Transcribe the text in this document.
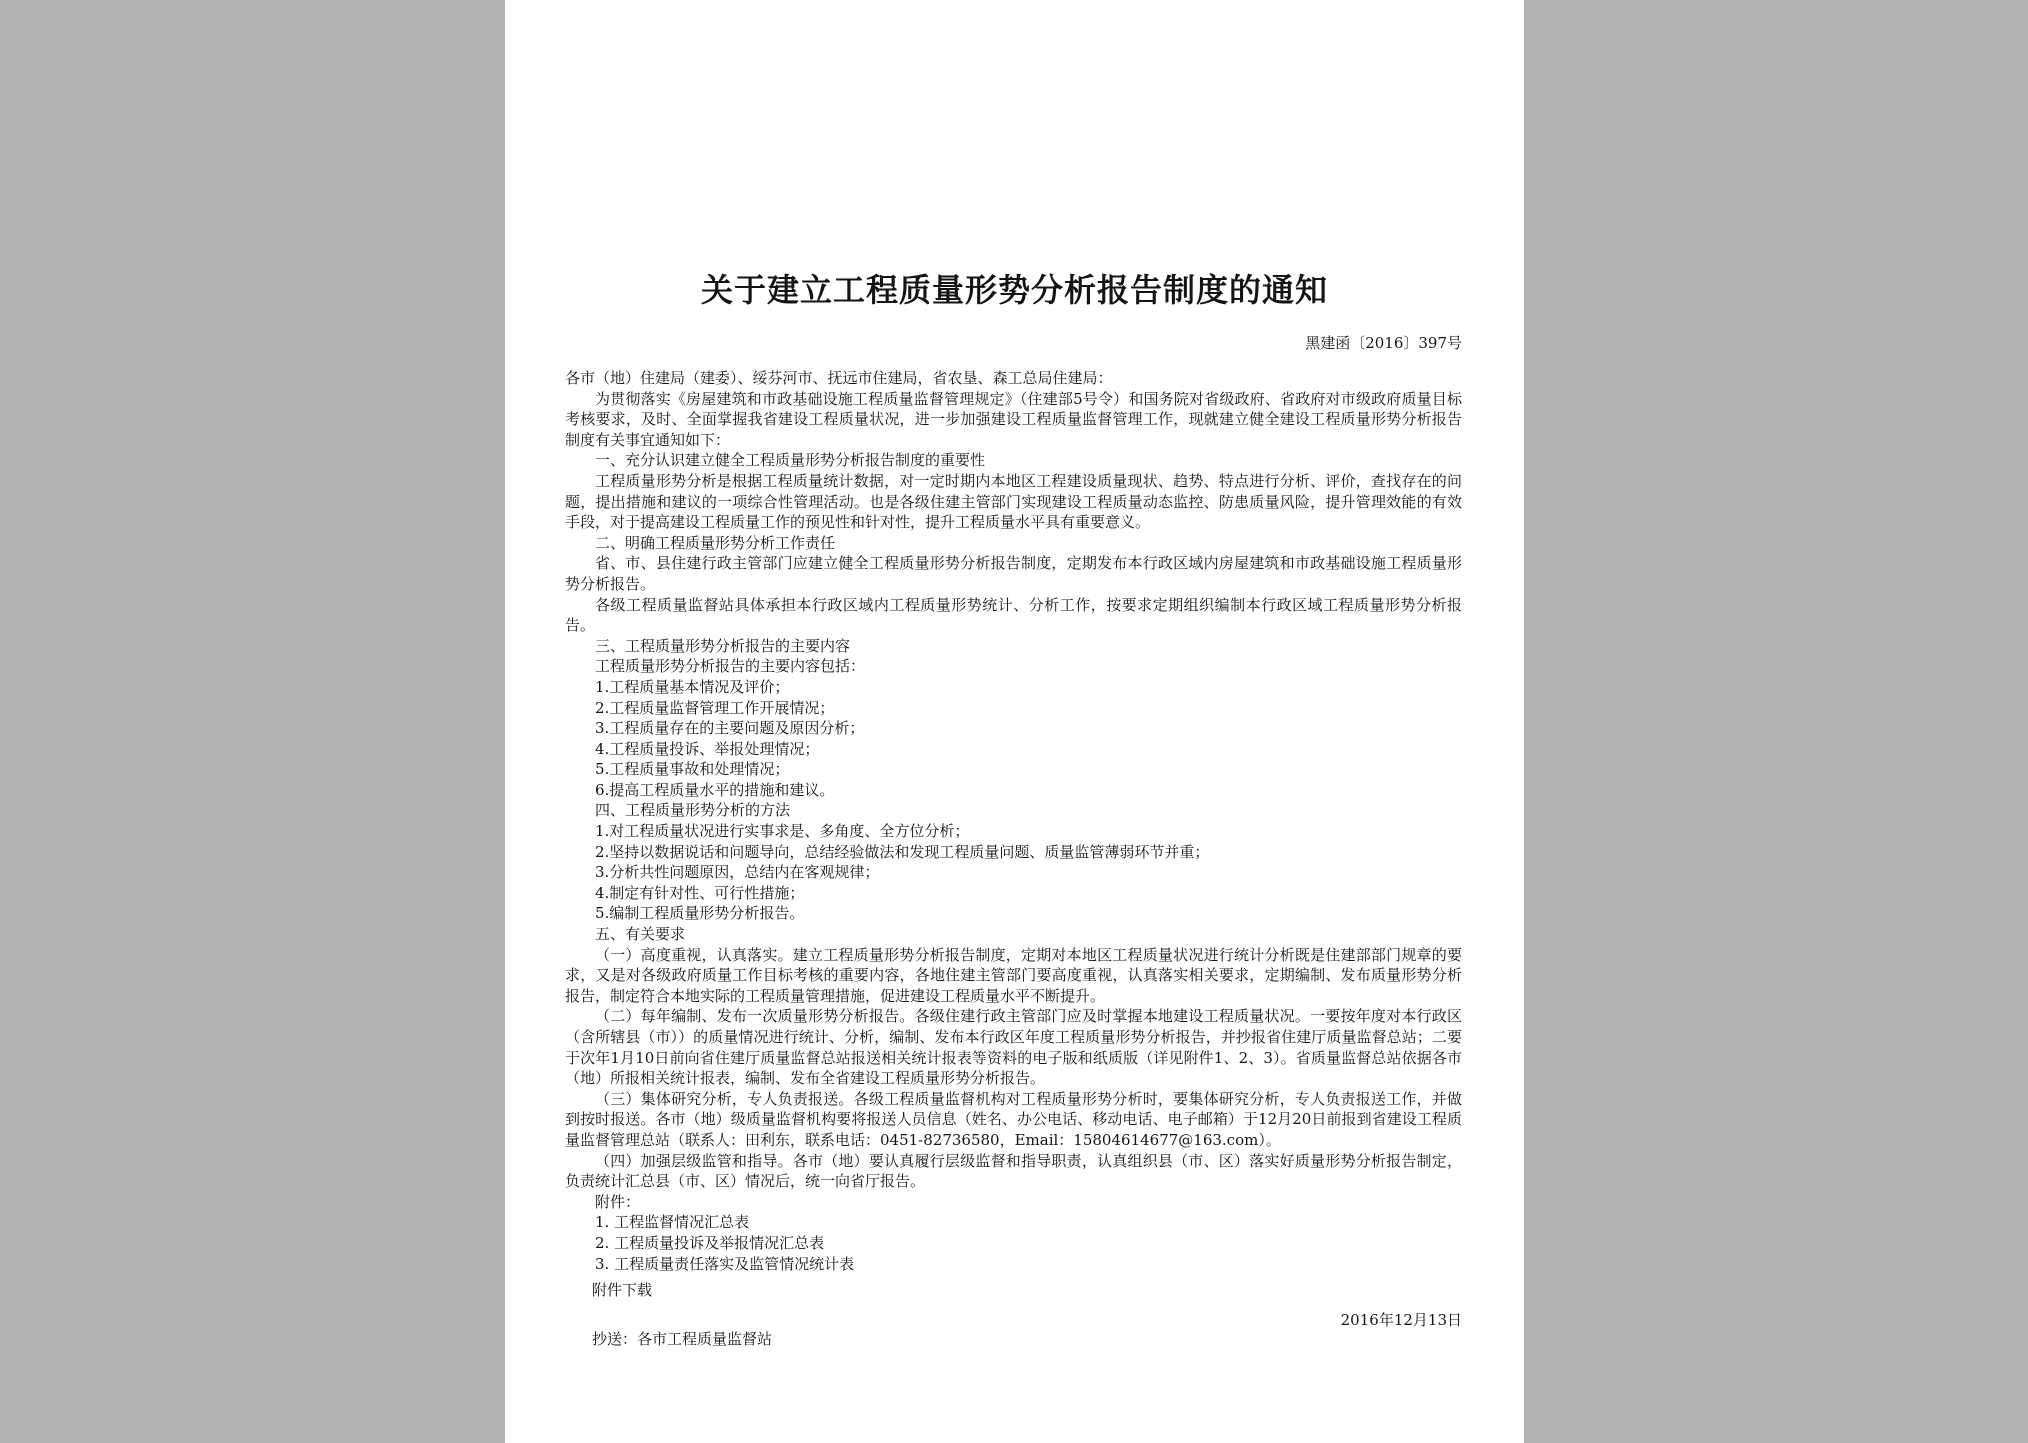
关于建立工程质量形势分析报告制度的通知
黑建函〔2016〕397号

各市（地）住建局（建委）、绥芬河市、抚远市住建局，省农垦、森工总局住建局：

为贯彻落实《房屋建筑和市政基础设施工程质量监督管理规定》（住建部5号令）和国务院对省级政府、省政府对市级政府质量目标考核要求，及时、全面掌握我省建设工程质量状况，进一步加强建设工程质量监督管理工作，现就建立健全建设工程质量形势分析报告制度有关事宜通知如下：

一、充分认识建立健全工程质量形势分析报告制度的重要性

工程质量形势分析是根据工程质量统计数据，对一定时期内本地区工程建设质量现状、趋势、特点进行分析、评价，查找存在的问题，提出措施和建议的一项综合性管理活动。也是各级住建主管部门实现建设工程质量动态监控、防患质量风险，提升管理效能的有效手段，对于提高建设工程质量工作的预见性和针对性，提升工程质量水平具有重要意义。

二、明确工程质量形势分析工作责任

省、市、县住建行政主管部门应建立健全工程质量形势分析报告制度，定期发布本行政区域内房屋建筑和市政基础设施工程质量形势分析报告。

各级工程质量监督站具体承担本行政区域内工程质量形势统计、分析工作，按要求定期组织编制本行政区域工程质量形势分析报告。

三、工程质量形势分析报告的主要内容

工程质量形势分析报告的主要内容包括：

1.工程质量基本情况及评价；

2.工程质量监督管理工作开展情况；

3.工程质量存在的主要问题及原因分析；

4.工程质量投诉、举报处理情况；

5.工程质量事故和处理情况；

6.提高工程质量水平的措施和建议。

四、工程质量形势分析的方法

1.对工程质量状况进行实事求是、多角度、全方位分析；

2.坚持以数据说话和问题导向，总结经验做法和发现工程质量问题、质量监管薄弱环节并重；

3.分析共性问题原因，总结内在客观规律；

4.制定有针对性、可行性措施；

5.编制工程质量形势分析报告。

五、有关要求

（一）高度重视，认真落实。建立工程质量形势分析报告制度，定期对本地区工程质量状况进行统计分析既是住建部部门规章的要求，又是对各级政府质量工作目标考核的重要内容，各地住建主管部门要高度重视，认真落实相关要求，定期编制、发布质量形势分析报告，制定符合本地实际的工程质量管理措施，促进建设工程质量水平不断提升。

（二）每年编制、发布一次质量形势分析报告。各级住建行政主管部门应及时掌握本地建设工程质量状况。一要按年度对本行政区（含所辖县（市））的质量情况进行统计、分析，编制、发布本行政区年度工程质量形势分析报告，并抄报省住建厅质量监督总站；二要于次年1月10日前向省住建厅质量监督总站报送相关统计报表等资料的电子版和纸质版（详见附件1、2、3）。省质量监督总站依据各市（地）所报相关统计报表，编制、发布全省建设工程质量形势分析报告。

（三）集体研究分析，专人负责报送。各级工程质量监督机构对工程质量形势分析时，要集体研究分析，专人负责报送工作，并做到按时报送。各市（地）级质量监督机构要将报送人员信息（姓名、办公电话、移动电话、电子邮箱）于12月20日前报到省建设工程质量监督管理总站（联系人：田利东，联系电话：0451-82736580，Email：15804614677@163.com）。

（四）加强层级监管和指导。各市（地）要认真履行层级监督和指导职责，认真组织县（市、区）落实好质量形势分析报告制定，负责统计汇总县（市、区）情况后，统一向省厅报告。

附件：

1. 工程监督情况汇总表

2. 工程质量投诉及举报情况汇总表

3. 工程质量责任落实及监管情况统计表

附件下载
2016年12月13日
抄送：各市工程质量监督站
